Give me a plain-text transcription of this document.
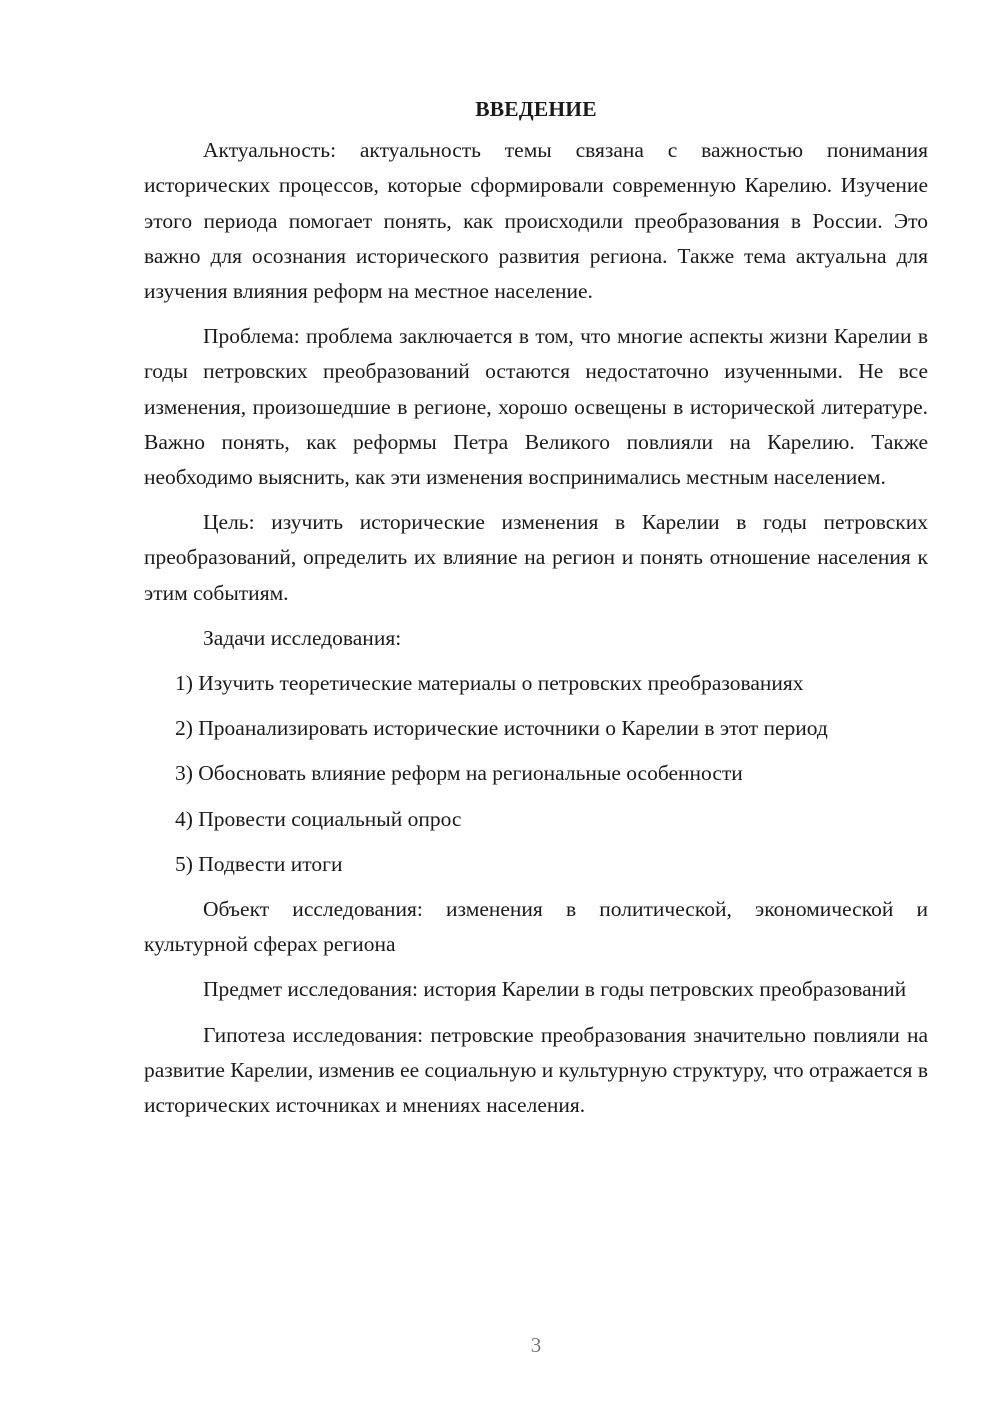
ВВЕДЕНИЕ

Актуальность: актуальность темы связана с важностью понимания исторических процессов, которые сформировали современную Карелию. Изучение этого периода помогает понять, как происходили преобразования в России. Это важно для осознания исторического развития региона. Также тема актуальна для изучения влияния реформ на местное население.

Проблема: проблема заключается в том, что многие аспекты жизни Карелии в годы петровских преобразований остаются недостаточно изученными. Не все изменения, произошедшие в регионе, хорошо освещены в исторической литературе. Важно понять, как реформы Петра Великого повлияли на Карелию. Также необходимо выяснить, как эти изменения воспринимались местным населением.

Цель: изучить исторические изменения в Карелии в годы петровских преобразований, определить их влияние на регион и понять отношение населения к этим событиям.

Задачи исследования:

1) Изучить теоретические материалы о петровских преобразованиях

2) Проанализировать исторические источники о Карелии в этот период

3) Обосновать влияние реформ на региональные особенности

4) Провести социальный опрос

5) Подвести итоги

Объект исследования: изменения в политической, экономической и культурной сферах региона

Предмет исследования: история Карелии в годы петровских преобразований

Гипотеза исследования: петровские преобразования значительно повлияли на развитие Карелии, изменив ее социальную и культурную структуру, что отражается в исторических источниках и мнениях населения.

3
